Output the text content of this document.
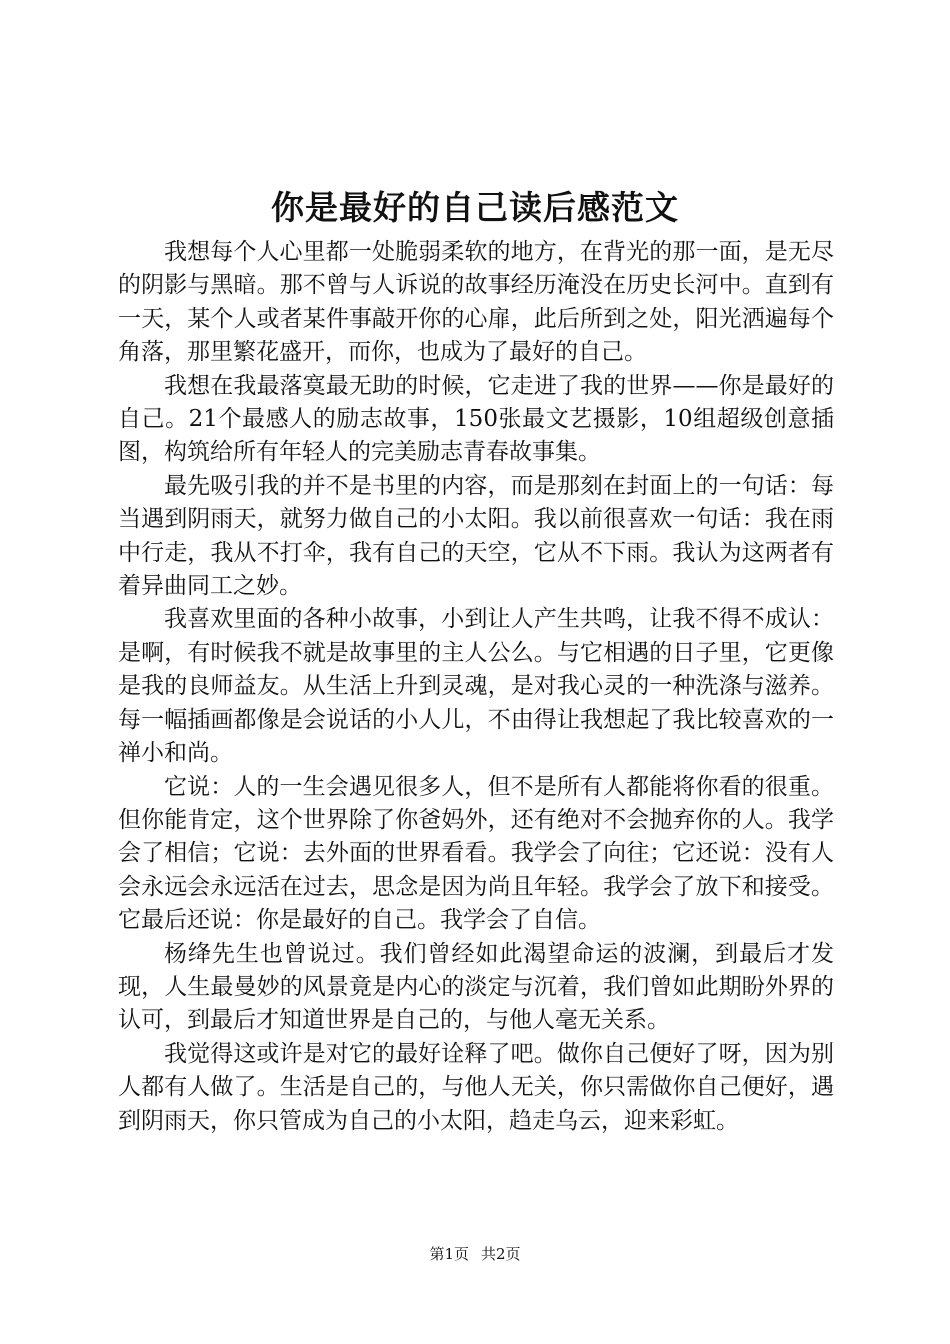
你是最好的自己读后感范文

我想每个人心里都一处脆弱柔软的地方，在背光的那一面，是无尽的阴影与黑暗。那不曾与人诉说的故事经历淹没在历史长河中。直到有一天，某个人或者某件事敲开你的心扉，此后所到之处，阳光洒遍每个角落，那里繁花盛开，而你，也成为了最好的自己。

我想在我最落寞最无助的时候，它走进了我的世界——你是最好的自己。21个最感人的励志故事，150张最文艺摄影，10组超级创意插图，构筑给所有年轻人的完美励志青春故事集。

最先吸引我的并不是书里的内容，而是那刻在封面上的一句话：每当遇到阴雨天，就努力做自己的小太阳。我以前很喜欢一句话：我在雨中行走，我从不打伞，我有自己的天空，它从不下雨。我认为这两者有着异曲同工之妙。

我喜欢里面的各种小故事，小到让人产生共鸣，让我不得不成认：是啊，有时候我不就是故事里的主人公么。与它相遇的日子里，它更像是我的良师益友。从生活上升到灵魂，是对我心灵的一种洗涤与滋养。每一幅插画都像是会说话的小人儿，不由得让我想起了我比较喜欢的一禅小和尚。

它说：人的一生会遇见很多人，但不是所有人都能将你看的很重。但你能肯定，这个世界除了你爸妈外，还有绝对不会抛弃你的人。我学会了相信；它说：去外面的世界看看。我学会了向往；它还说：没有人会永远会永远活在过去，思念是因为尚且年轻。我学会了放下和接受。它最后还说：你是最好的自己。我学会了自信。

杨绛先生也曾说过。我们曾经如此渴望命运的波澜，到最后才发现，人生最曼妙的风景竟是内心的淡定与沉着，我们曾如此期盼外界的认可，到最后才知道世界是自己的，与他人毫无关系。

我觉得这或许是对它的最好诠释了吧。做你自己便好了呀，因为别人都有人做了。生活是自己的，与他人无关，你只需做你自己便好，遇到阴雨天，你只管成为自己的小太阳，趋走乌云，迎来彩虹。

第1页 共2页
